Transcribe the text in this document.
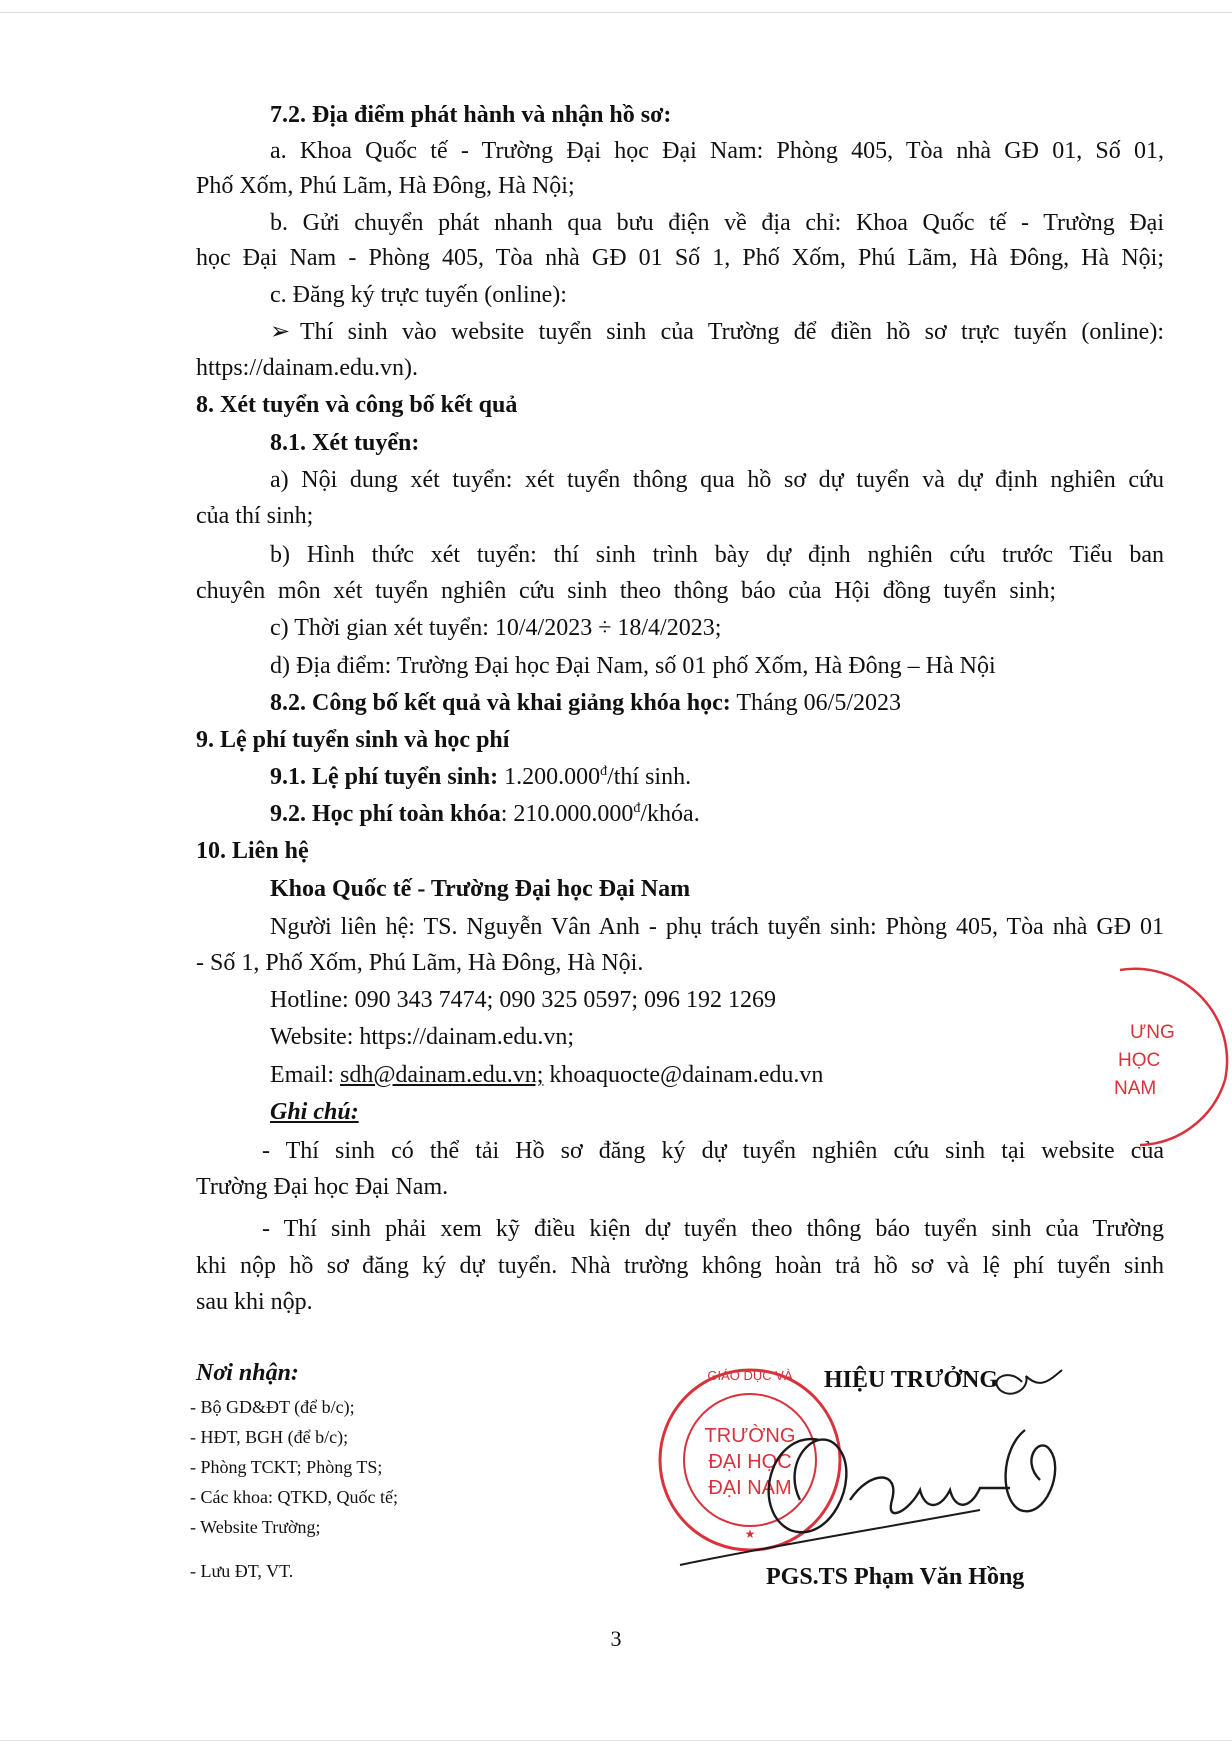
7.2. Địa điểm phát hành và nhận hồ sơ:
a. Khoa Quốc tế - Trường Đại học Đại Nam: Phòng 405, Tòa nhà GĐ 01, Số 01,
Phố Xốm, Phú Lãm, Hà Đông, Hà Nội;
b. Gửi chuyển phát nhanh qua bưu điện về địa chỉ: Khoa Quốc tế - Trường Đại
học Đại Nam - Phòng 405, Tòa nhà GĐ 01 Số 1, Phố Xốm, Phú Lãm, Hà Đông, Hà Nội;
c. Đăng ký trực tuyến (online):
➢ Thí sinh vào website tuyển sinh của Trường để điền hồ sơ trực tuyến (online):
https://dainam.edu.vn).
8. Xét tuyển và công bố kết quả
8.1. Xét tuyển:
a) Nội dung xét tuyển: xét tuyển thông qua hồ sơ dự tuyển và dự định nghiên cứu
của thí sinh;
b) Hình thức xét tuyển: thí sinh trình bày dự định nghiên cứu trước Tiểu ban
chuyên môn xét tuyển nghiên cứu sinh theo thông báo của Hội đồng tuyển sinh;
c) Thời gian xét tuyển: 10/4/2023 ÷ 18/4/2023;
d) Địa điểm: Trường Đại học Đại Nam, số 01 phố Xốm, Hà Đông – Hà Nội
8.2. Công bố kết quả và khai giảng khóa học: Tháng 06/5/2023
9. Lệ phí tuyển sinh và học phí
9.1. Lệ phí tuyển sinh: $1.200.000^đ$/thí sinh.
9.2. Học phí toàn khóa: $210.000.000^đ$/khóa.
10. Liên hệ
Khoa Quốc tế - Trường Đại học Đại Nam
Người liên hệ: TS. Nguyễn Vân Anh - phụ trách tuyển sinh: Phòng 405, Tòa nhà GĐ 01
- Số 1, Phố Xốm, Phú Lãm, Hà Đông, Hà Nội.
Hotline: 090 343 7474; 090 325 0597; 096 192 1269
Website: https://dainam.edu.vn;
Email: sdh@dainam.edu.vn; khoaquocte@dainam.edu.vn
Ghi chú:
- Thí sinh có thể tải Hồ sơ đăng ký dự tuyển nghiên cứu sinh tại website của
Trường Đại học Đại Nam.
- Thí sinh phải xem kỹ điều kiện dự tuyển theo thông báo tuyển sinh của Trường
khi nộp hồ sơ đăng ký dự tuyển. Nhà trường không hoàn trả hồ sơ và lệ phí tuyển sinh
sau khi nộp.
Nơi nhận:
- Bộ GD&ĐT (để b/c);
- HĐT, BGH (để b/c);
- Phòng TCKT; Phòng TS;
- Các khoa: QTKD, Quốc tế;
- Website Trường;
- Lưu ĐT, VT.
HIỆU TRƯỞNG
PGS.TS Phạm Văn Hồng
GIÁO DỤC VÀ
TRƯỜNG
ĐẠI HỌC
ĐẠI NAM
★
ƯNG
HỌC
NAM
3
